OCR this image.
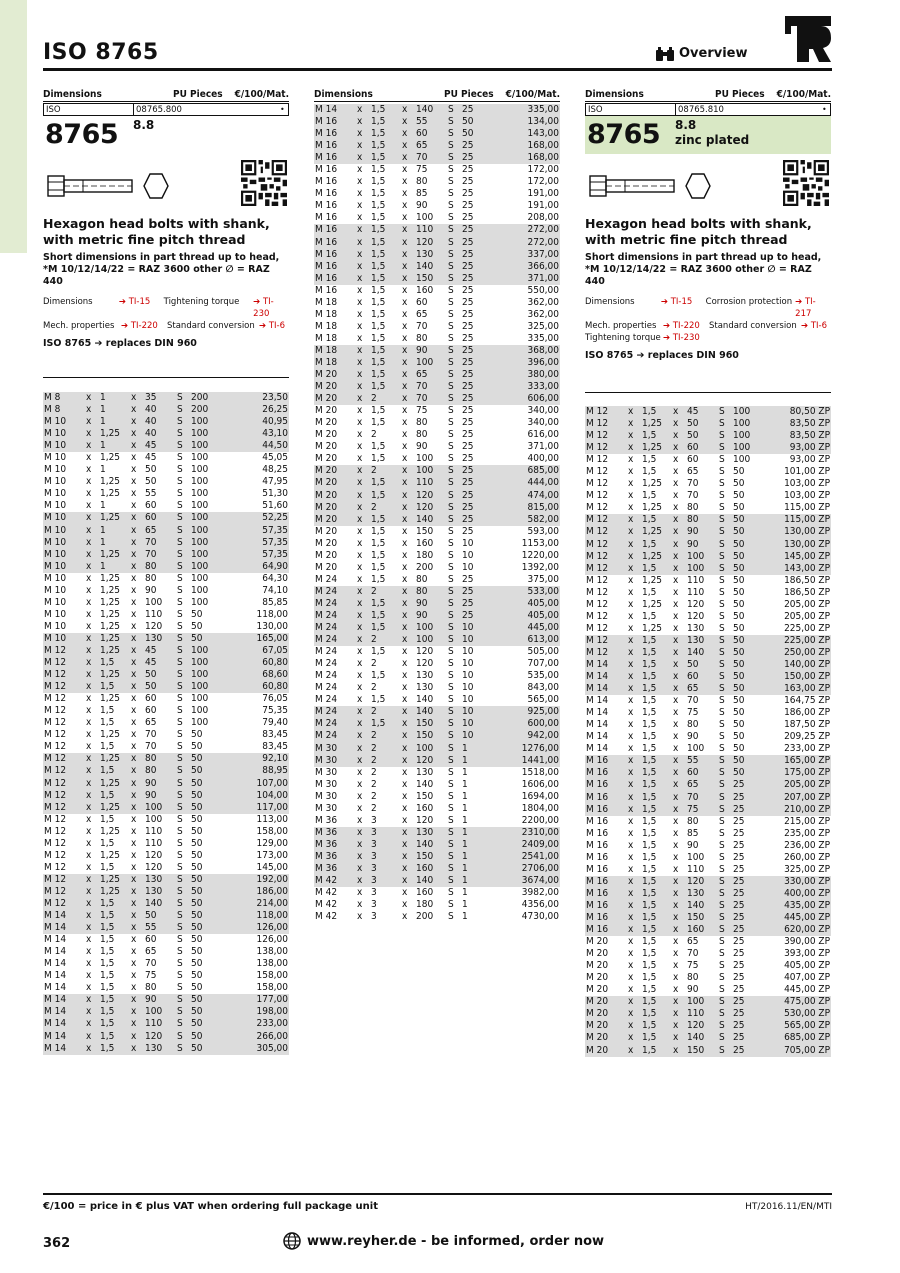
ISO 8765	Overview
Dimensions	PU Pieces	€/100/Mat.
ISO	08765.800	•
8765	8.8
Hexagon head bolts with shank,
with metric fine pitch thread
Short dimensions in part thread up to head,
*M 10/12/14/22 = RAZ 3600 other ∅ = RAZ 440
Dimensions	➔ TI-15	Tightening torque	➔ TI-230
Mech. properties ➔ TI-220	Standard conversion ➔ TI-6
ISO 8765 ➔ replaces DIN 960
M 8	x	1	x	35	S	200	23,50
M 8	x	1	x	40	S	200	26,25
M 10	x	1	x	40	S	100	40,95
M 10	x	1,25	x	40	S	100	43,10
M 10	x	1	x	45	S	100	44,50
M 10	x	1,25	x	45	S	100	45,05
M 10	x	1	x	50	S	100	48,25
M 10	x	1,25	x	50	S	100	47,95
M 10	x	1,25	x	55	S	100	51,30
M 10	x	1	x	60	S	100	51,60
M 10	x	1,25	x	60	S	100	52,25
M 10	x	1	x	65	S	100	57,35
M 10	x	1	x	70	S	100	57,35
M 10	x	1,25	x	70	S	100	57,35
M 10	x	1	x	80	S	100	64,90
M 10	x	1,25	x	80	S	100	64,30
M 10	x	1,25	x	90	S	100	74,10
M 10	x	1,25	x	100	S	100	85,85
M 10	x	1,25	x	110	S	50	118,00
M 10	x	1,25	x	120	S	50	130,00
M 10	x	1,25	x	130	S	50	165,00
M 12	x	1,25	x	45	S	100	67,05
M 12	x	1,5	x	45	S	100	60,80
M 12	x	1,25	x	50	S	100	68,60
M 12	x	1,5	x	50	S	100	60,80
M 12	x	1,25	x	60	S	100	76,05
M 12	x	1,5	x	60	S	100	75,35
M 12	x	1,5	x	65	S	100	79,40
M 12	x	1,25	x	70	S	50	83,45
M 12	x	1,5	x	70	S	50	83,45
M 12	x	1,25	x	80	S	50	92,10
M 12	x	1,5	x	80	S	50	88,95
M 12	x	1,25	x	90	S	50	107,00
M 12	x	1,5	x	90	S	50	104,00
M 12	x	1,25	x	100	S	50	117,00
M 12	x	1,5	x	100	S	50	113,00
M 12	x	1,25	x	110	S	50	158,00
M 12	x	1,5	x	110	S	50	129,00
M 12	x	1,25	x	120	S	50	173,00
M 12	x	1,5	x	120	S	50	145,00
M 12	x	1,25	x	130	S	50	192,00
M 12	x	1,25	x	130	S	50	186,00
M 12	x	1,5	x	140	S	50	214,00
M 14	x	1,5	x	50	S	50	118,00
M 14	x	1,5	x	55	S	50	126,00
M 14	x	1,5	x	60	S	50	126,00
M 14	x	1,5	x	65	S	50	138,00
M 14	x	1,5	x	70	S	50	138,00
M 14	x	1,5	x	75	S	50	158,00
M 14	x	1,5	x	80	S	50	158,00
M 14	x	1,5	x	90	S	50	177,00
M 14	x	1,5	x	100	S	50	198,00
M 14	x	1,5	x	110	S	50	233,00
M 14	x	1,5	x	120	S	50	266,00
M 14	x	1,5	x	130	S	50	305,00
Dimensions	PU Pieces	€/100/Mat.
M 14	x	1,5	x	140	S	25	335,00
M 16	x	1,5	x	55	S	50	134,00
M 16	x	1,5	x	60	S	50	143,00
M 16	x	1,5	x	65	S	25	168,00
M 16	x	1,5	x	70	S	25	168,00
M 16	x	1,5	x	75	S	25	172,00
M 16	x	1,5	x	80	S	25	172,00
M 16	x	1,5	x	85	S	25	191,00
M 16	x	1,5	x	90	S	25	191,00
M 16	x	1,5	x	100	S	25	208,00
M 16	x	1,5	x	110	S	25	272,00
M 16	x	1,5	x	120	S	25	272,00
M 16	x	1,5	x	130	S	25	337,00
M 16	x	1,5	x	140	S	25	366,00
M 16	x	1,5	x	150	S	25	371,00
M 16	x	1,5	x	160	S	25	550,00
M 18	x	1,5	x	60	S	25	362,00
M 18	x	1,5	x	65	S	25	362,00
M 18	x	1,5	x	70	S	25	325,00
M 18	x	1,5	x	80	S	25	335,00
M 18	x	1,5	x	90	S	25	368,00
M 18	x	1,5	x	100	S	25	396,00
M 20	x	1,5	x	65	S	25	380,00
M 20	x	1,5	x	70	S	25	333,00
M 20	x	2	x	70	S	25	606,00
M 20	x	1,5	x	75	S	25	340,00
M 20	x	1,5	x	80	S	25	340,00
M 20	x	2	x	80	S	25	616,00
M 20	x	1,5	x	90	S	25	371,00
M 20	x	1,5	x	100	S	25	400,00
M 20	x	2	x	100	S	25	685,00
M 20	x	1,5	x	110	S	25	444,00
M 20	x	1,5	x	120	S	25	474,00
M 20	x	2	x	120	S	25	815,00
M 20	x	1,5	x	140	S	25	582,00
M 20	x	1,5	x	150	S	25	593,00
M 20	x	1,5	x	160	S	10	1153,00
M 20	x	1,5	x	180	S	10	1220,00
M 20	x	1,5	x	200	S	10	1392,00
M 24	x	1,5	x	80	S	25	375,00
M 24	x	2	x	80	S	25	533,00
M 24	x	1,5	x	90	S	25	405,00
M 24	x	1,5	x	90	S	25	405,00
M 24	x	1,5	x	100	S	10	445,00
M 24	x	2	x	100	S	10	613,00
M 24	x	1,5	x	120	S	10	505,00
M 24	x	2	x	120	S	10	707,00
M 24	x	1,5	x	130	S	10	535,00
M 24	x	2	x	130	S	10	843,00
M 24	x	1,5	x	140	S	10	565,00
M 24	x	2	x	140	S	10	925,00
M 24	x	1,5	x	150	S	10	600,00
M 24	x	2	x	150	S	10	942,00
M 30	x	2	x	100	S	1	1276,00
M 30	x	2	x	120	S	1	1441,00
M 30	x	2	x	130	S	1	1518,00
M 30	x	2	x	140	S	1	1606,00
M 30	x	2	x	150	S	1	1694,00
M 30	x	2	x	160	S	1	1804,00
M 36	x	3	x	120	S	1	2200,00
M 36	x	3	x	130	S	1	2310,00
M 36	x	3	x	140	S	1	2409,00
M 36	x	3	x	150	S	1	2541,00
M 36	x	3	x	160	S	1	2706,00
M 42	x	3	x	140	S	1	3674,00
M 42	x	3	x	160	S	1	3982,00
M 42	x	3	x	180	S	1	4356,00
M 42	x	3	x	200	S	1	4730,00
Dimensions	PU Pieces	€/100/Mat.
ISO	08765.810	•
8765	8.8
zinc plated
Hexagon head bolts with shank,
with metric fine pitch thread
Short dimensions in part thread up to head,
*M 10/12/14/22 = RAZ 3600 other ∅ = RAZ 440
Dimensions	➔ TI-15	Corrosion protection ➔ TI-217
Mech. properties ➔ TI-220	Standard conversion ➔ TI-6
Tightening torque ➔ TI-230
ISO 8765 ➔ replaces DIN 960
M 12	x	1,5	x	45	S	100	80,50 ZP
M 12	x	1,25	x	50	S	100	83,50 ZP
M 12	x	1,5	x	50	S	100	83,50 ZP
M 12	x	1,25	x	60	S	100	93,00 ZP
M 12	x	1,5	x	60	S	100	93,00 ZP
M 12	x	1,5	x	65	S	50	101,00 ZP
M 12	x	1,25	x	70	S	50	103,00 ZP
M 12	x	1,5	x	70	S	50	103,00 ZP
M 12	x	1,25	x	80	S	50	115,00 ZP
M 12	x	1,5	x	80	S	50	115,00 ZP
M 12	x	1,25	x	90	S	50	130,00 ZP
M 12	x	1,5	x	90	S	50	130,00 ZP
M 12	x	1,25	x	100	S	50	145,00 ZP
M 12	x	1,5	x	100	S	50	143,00 ZP
M 12	x	1,25	x	110	S	50	186,50 ZP
M 12	x	1,5	x	110	S	50	186,50 ZP
M 12	x	1,25	x	120	S	50	205,00 ZP
M 12	x	1,5	x	120	S	50	205,00 ZP
M 12	x	1,25	x	130	S	50	225,00 ZP
M 12	x	1,5	x	130	S	50	225,00 ZP
M 12	x	1,5	x	140	S	50	250,00 ZP
M 14	x	1,5	x	50	S	50	140,00 ZP
M 14	x	1,5	x	60	S	50	150,00 ZP
M 14	x	1,5	x	65	S	50	163,00 ZP
M 14	x	1,5	x	70	S	50	164,75 ZP
M 14	x	1,5	x	75	S	50	186,00 ZP
M 14	x	1,5	x	80	S	50	187,50 ZP
M 14	x	1,5	x	90	S	50	209,25 ZP
M 14	x	1,5	x	100	S	50	233,00 ZP
M 16	x	1,5	x	55	S	50	165,00 ZP
M 16	x	1,5	x	60	S	50	175,00 ZP
M 16	x	1,5	x	65	S	25	205,00 ZP
M 16	x	1,5	x	70	S	25	207,00 ZP
M 16	x	1,5	x	75	S	25	210,00 ZP
M 16	x	1,5	x	80	S	25	215,00 ZP
M 16	x	1,5	x	85	S	25	235,00 ZP
M 16	x	1,5	x	90	S	25	236,00 ZP
M 16	x	1,5	x	100	S	25	260,00 ZP
M 16	x	1,5	x	110	S	25	325,00 ZP
M 16	x	1,5	x	120	S	25	330,00 ZP
M 16	x	1,5	x	130	S	25	400,00 ZP
M 16	x	1,5	x	140	S	25	435,00 ZP
M 16	x	1,5	x	150	S	25	445,00 ZP
M 16	x	1,5	x	160	S	25	620,00 ZP
M 20	x	1,5	x	65	S	25	390,00 ZP
M 20	x	1,5	x	70	S	25	393,00 ZP
M 20	x	1,5	x	75	S	25	405,00 ZP
M 20	x	1,5	x	80	S	25	407,00 ZP
M 20	x	1,5	x	90	S	25	445,00 ZP
M 20	x	1,5	x	100	S	25	475,00 ZP
M 20	x	1,5	x	110	S	25	530,00 ZP
M 20	x	1,5	x	120	S	25	565,00 ZP
M 20	x	1,5	x	140	S	25	685,00 ZP
M 20	x	1,5	x	150	S	25	705,00 ZP
€/100 = price in € plus VAT when ordering full package unit	HT/2016.11/EN/MTI
362	www.reyher.de - be informed, order now
